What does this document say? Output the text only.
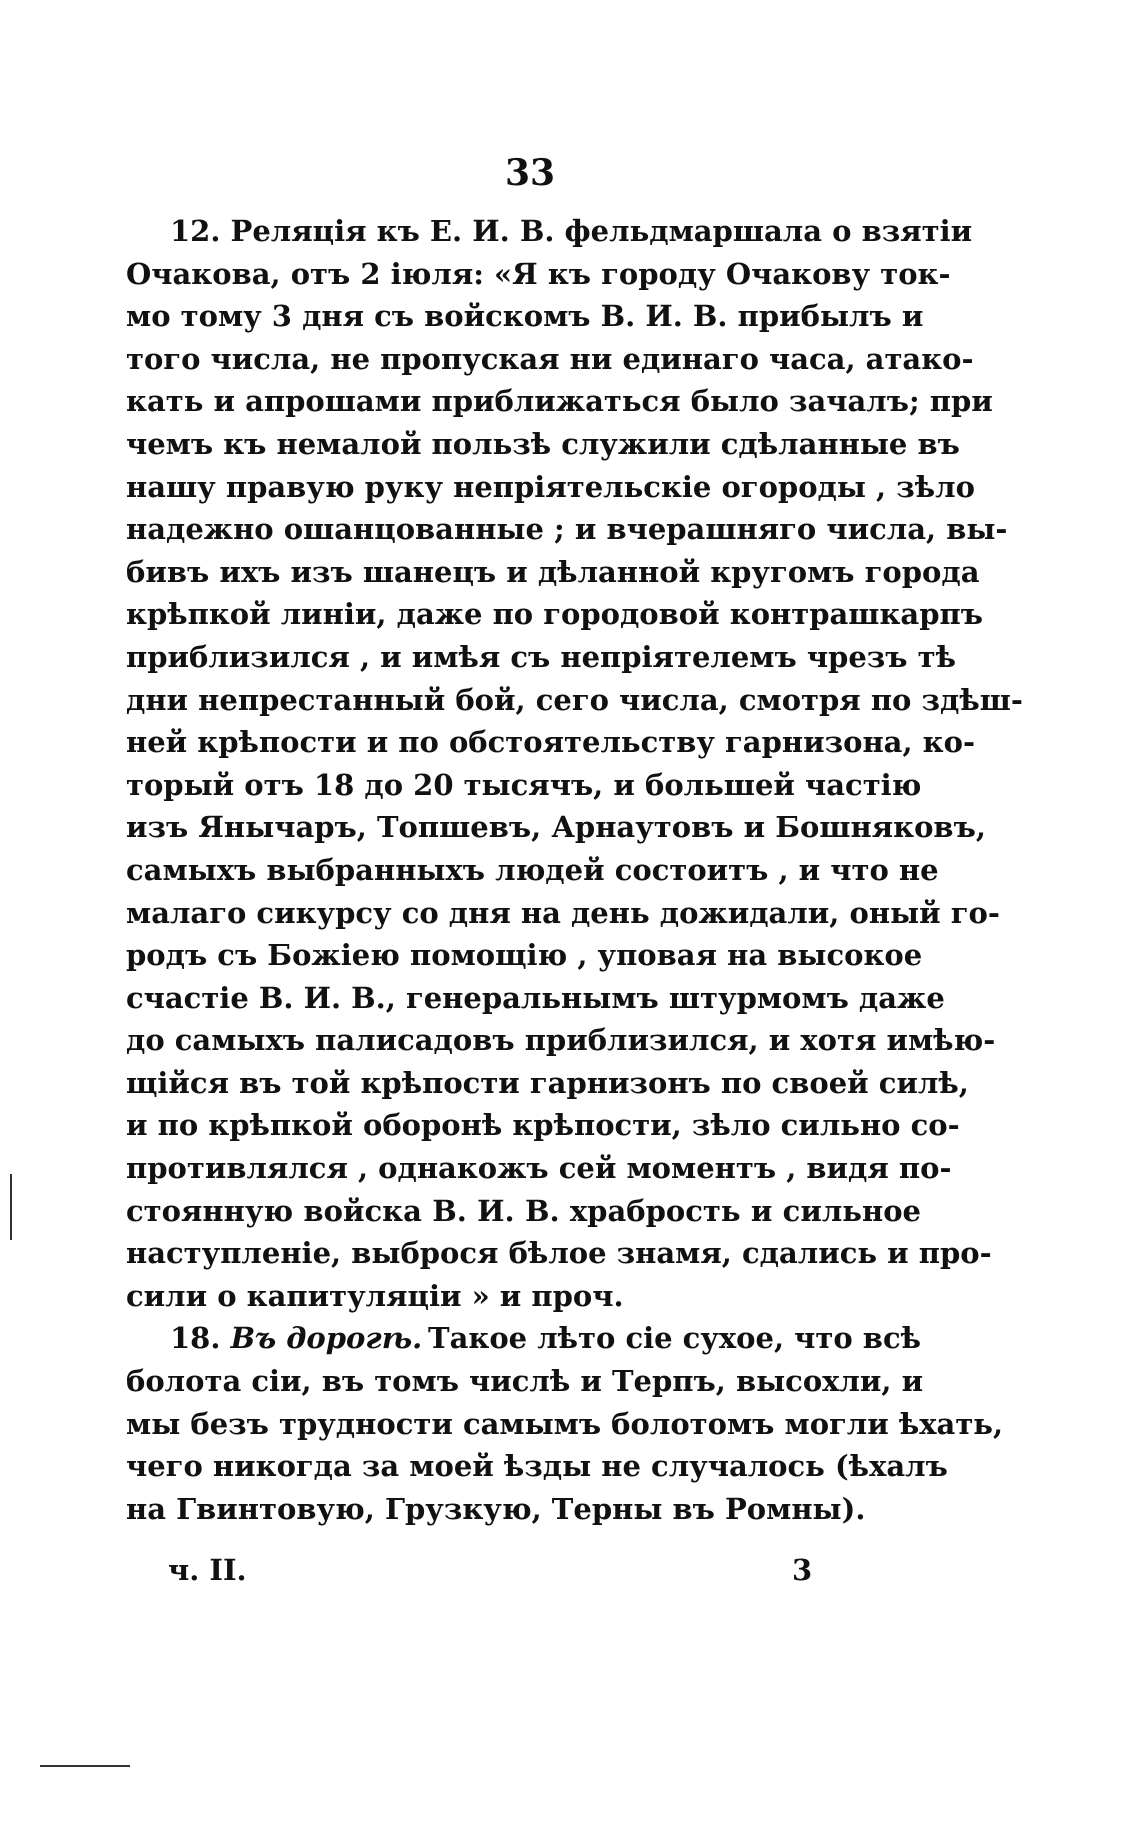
33
12. Реляція къ Е. И. В. фельдмаршала о взятіи
Очакова, отъ 2 іюля: «Я къ городу Очакову ток-
мо тому 3 дня съ войскомъ В. И. В. прибылъ и
того числа, не пропуская ни единаго часа, атако-
кать и апрошами приближаться было зачалъ; при
чемъ къ немалой пользѣ служили сдѣланные въ
нашу правую руку непріятельскіе огороды , зѣло
надежно ошанцованные ; и вчерашняго числа, вы-
бивъ ихъ изъ шанецъ и дѣланной кругомъ города
крѣпкой линіи, даже по городовой контрашкарпъ
приблизился , и имѣя съ непріятелемъ чрезъ тѣ
дни непрестанный бой, сего числа, смотря по здѣш-
ней крѣпости и по обстоятельству гарнизона, ко-
торый отъ 18 до 20 тысячъ, и большей частію
изъ Янычаръ, Топшевъ, Арнаутовъ и Бошняковъ,
самыхъ выбранныхъ людей состоитъ , и что не
малаго сикурсу со дня на день дожидали, оный го-
родъ съ Божіею помощію , уповая на высокое
счастіе В. И. В., генеральнымъ штурмомъ даже
до самыхъ палисадовъ приблизился, и хотя имѣю-
щійся въ той крѣпости гарнизонъ по своей силѣ,
и по крѣпкой оборонѣ крѣпости, зѣло сильно со-
противлялся , однакожъ сей моментъ , видя по-
стоянную войска В. И. В. храбрость и сильное
наступленіе, выброся бѣлое знамя, сдались и про-
сили о капитуляціи » и проч.
18. Въ дорогѣ. Такое лѣто сіе сухое, что всѣ
болота сіи, въ томъ числѣ и Терпъ, высохли, и
мы безъ трудности самымъ болотомъ могли ѣхать,
чего никогда за моей ѣзды не случалось (ѣхалъ
на Гвинтовую, Грузкую, Терны въ Ромны).
ч. II.	3
